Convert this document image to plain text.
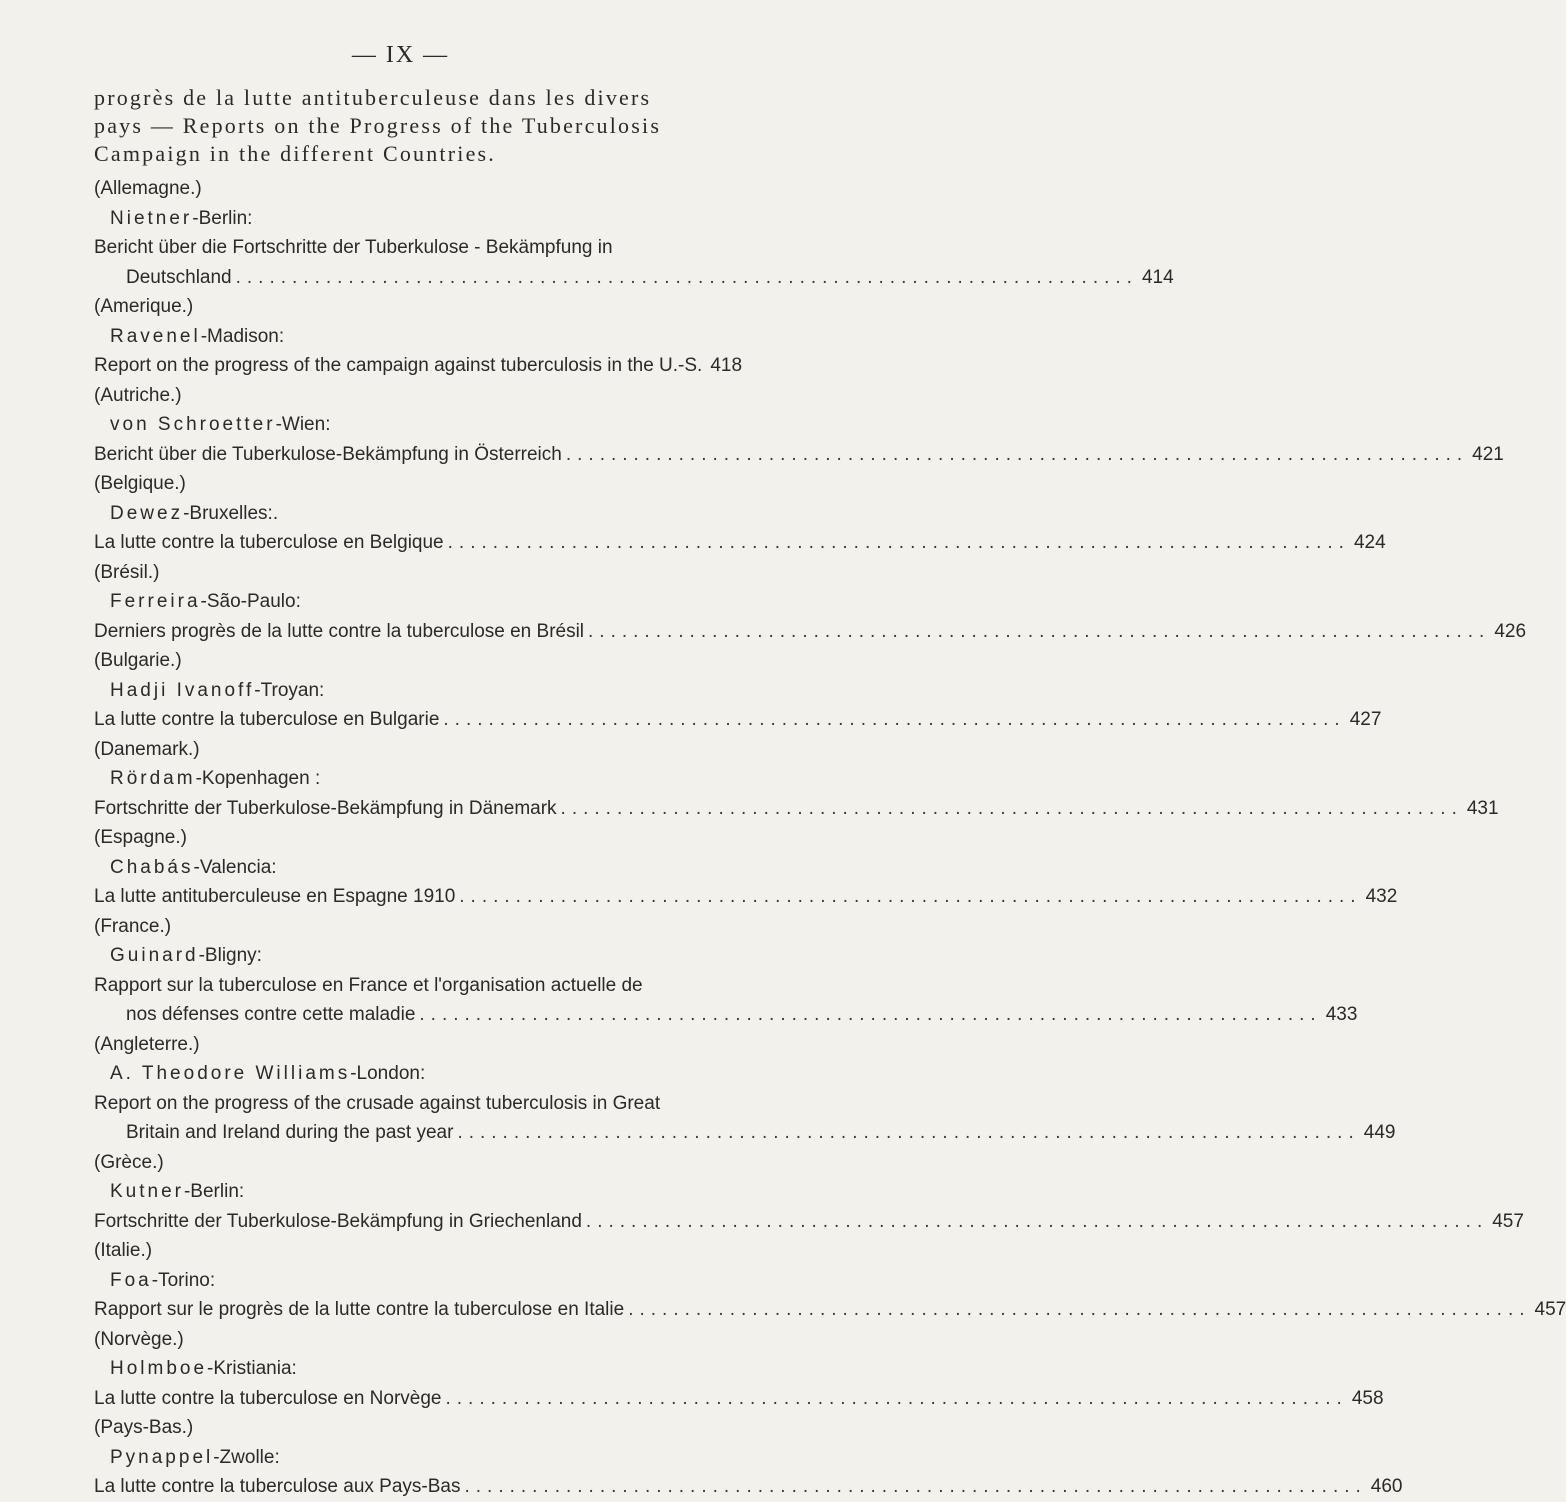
— IX —
progrès de la lutte antituberculeuse dans les divers
pays — Reports on the Progress of the Tuberculosis
Campaign in the different Countries.
(Allemagne.)
Nietner-Berlin:
Bericht über die Fortschritte der Tuberkulose - Bekämpfung in
Deutschland ................................................................................ 414
(Amerique.)
Ravenel-Madison:
Report on the progress of the campaign against tuberculosis in the U.-S. 418
(Autriche.)
von Schroetter-Wien:
Bericht über die Tuberkulose-Bekämpfung in Österreich ................................................................................ 421
(Belgique.)
Dewez-Bruxelles:.
La lutte contre la tuberculose en Belgique ................................................................................ 424
(Brésil.)
Ferreira-São-Paulo:
Derniers progrès de la lutte contre la tuberculose en Brésil ................................................................................ 426
(Bulgarie.)
Hadji Ivanoff-Troyan:
La lutte contre la tuberculose en Bulgarie ................................................................................ 427
(Danemark.)
Rördam-Kopenhagen :
Fortschritte der Tuberkulose-Bekämpfung in Dänemark ................................................................................ 431
(Espagne.)
Chabás-Valencia:
La lutte antituberculeuse en Espagne 1910 ................................................................................ 432
(France.)
Guinard-Bligny:
Rapport sur la tuberculose en France et l'organisation actuelle de
nos défenses contre cette maladie ................................................................................ 433
(Angleterre.)
A. Theodore Williams-London:
Report on the progress of the crusade against tuberculosis in Great
Britain and Ireland during the past year ................................................................................ 449
(Grèce.)
Kutner-Berlin:
Fortschritte der Tuberkulose-Bekämpfung in Griechenland ................................................................................ 457
(Italie.)
Foa-Torino:
Rapport sur le progrès de la lutte contre la tuberculose en Italie ................................................................................ 457
(Norvège.)
Holmboe-Kristiania:
La lutte contre la tuberculose en Norvège ................................................................................ 458
(Pays-Bas.)
Pynappel-Zwolle:
La lutte contre la tuberculose aux Pays-Bas ................................................................................ 460
